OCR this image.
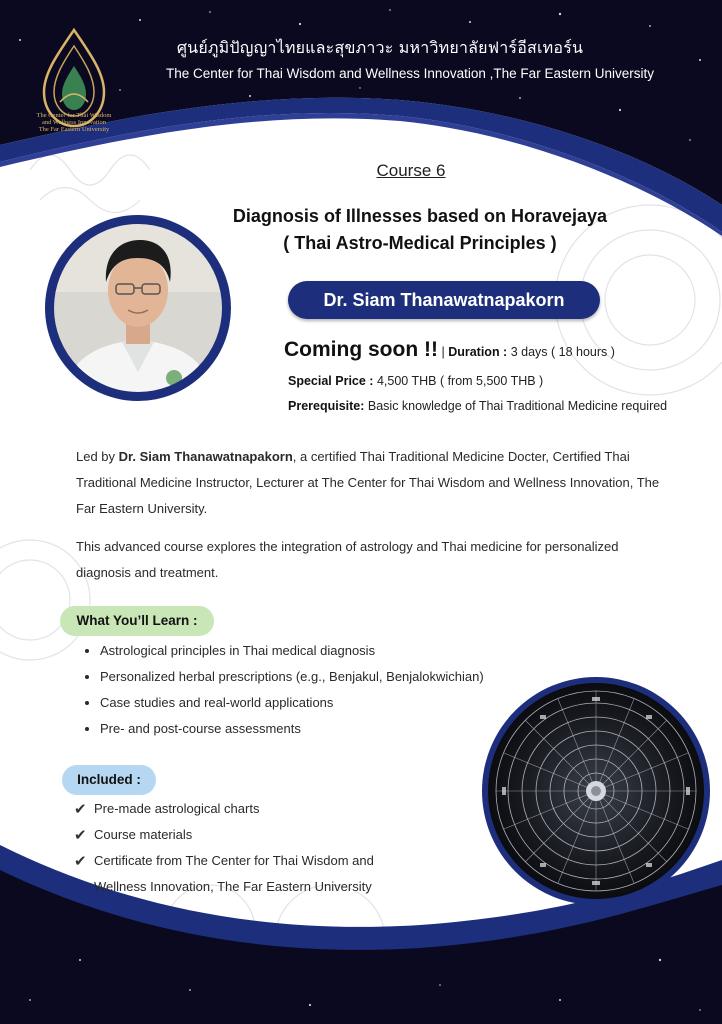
The Center for Thai Wisdom
and Wellness Innovation
The Far Eastern University
ศูนย์ภูมิปัญญาไทยและสุขภาวะ มหาวิทยาลัยฟาร์อีสเทอร์น
The Center for Thai Wisdom and Wellness Innovation ,The Far Eastern University
Course 6
Diagnosis of Illnesses based on Horavejaya
( Thai Astro-Medical Principles )
Dr. Siam Thanawatnapakorn
Coming soon !! | Duration : 3 days ( 18 hours )
Special Price : 4,500 THB ( from 5,500 THB )
Prerequisite: Basic knowledge of Thai Traditional Medicine required
Led by Dr. Siam Thanawatnapakorn, a certified Thai Traditional Medicine Docter, Certified Thai Traditional Medicine Instructor, Lecturer at The Center for Thai Wisdom and Wellness Innovation, The Far Eastern University.
This advanced course explores the integration of astrology and Thai medicine for personalized diagnosis and treatment.
What You’ll Learn :
• Astrological principles in Thai medical diagnosis
• Personalized herbal prescriptions (e.g., Benjakul, Benjalokwichian)
• Case studies and real-world applications
• Pre- and post-course assessments
Included :
✔ Pre-made astrological charts
✔ Course materials
✔ Certificate from The Center for Thai Wisdom and Wellness Innovation, The Far Eastern University
